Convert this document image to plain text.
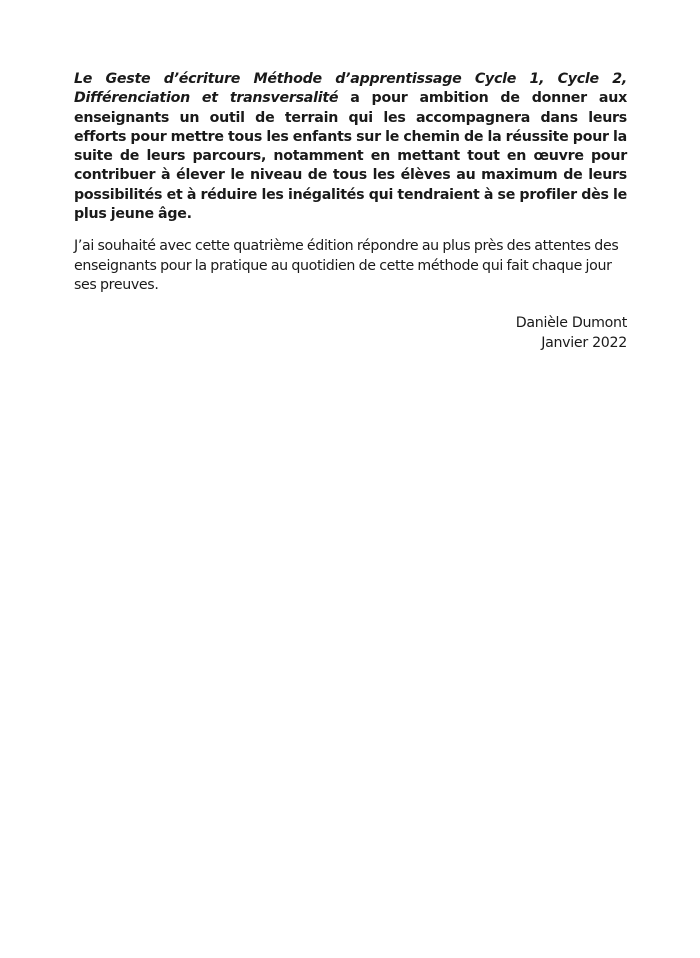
Le Geste d’écriture Méthode d’apprentissage Cycle 1, Cycle 2, Différenciation et transversalité a pour ambition de donner aux enseignants un outil de terrain qui les accompagnera dans leurs efforts pour mettre tous les enfants sur le chemin de la réussite pour la suite de leurs parcours, notamment en mettant tout en œuvre pour contribuer à élever le niveau de tous les élèves au maximum de leurs possibilités et à réduire les inégalités qui tendraient à se profiler dès le plus jeune âge.

J’ai souhaité avec cette quatrième édition répondre au plus près des attentes des enseignants pour la pratique au quotidien de cette méthode qui fait chaque jour ses preuves.

Danièle Dumont
Janvier 2022
